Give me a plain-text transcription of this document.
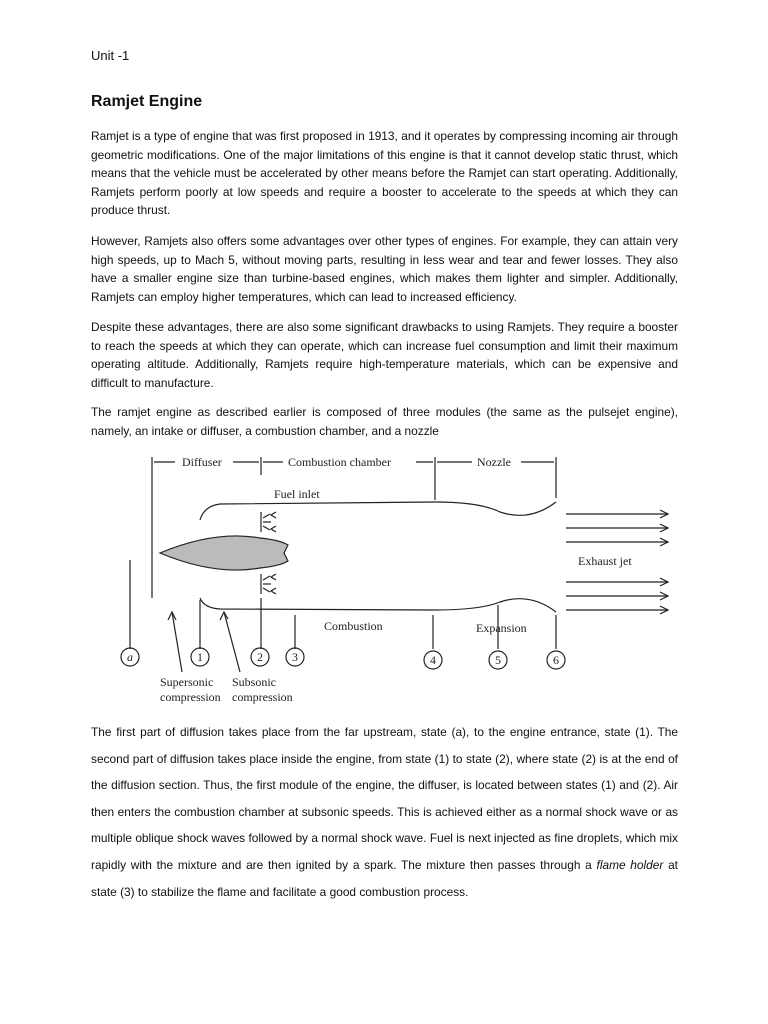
Unit -1
Ramjet Engine

Ramjet is a type of engine that was first proposed in 1913, and it operates by compressing incoming air through geometric modifications. One of the major limitations of this engine is that it cannot develop static thrust, which means that the vehicle must be accelerated by other means before the Ramjet can start operating. Additionally, Ramjets perform poorly at low speeds and require a booster to accelerate to the speeds at which they can produce thrust.

However, Ramjets also offers some advantages over other types of engines. For example, they can attain very high speeds, up to Mach 5, without moving parts, resulting in less wear and tear and fewer losses. They also have a smaller engine size than turbine-based engines, which makes them lighter and simpler. Additionally, Ramjets can employ higher temperatures, which can lead to increased efficiency.

Despite these advantages, there are also some significant drawbacks to using Ramjets. They require a booster to reach the speeds at which they can operate, which can increase fuel consumption and limit their maximum operating altitude. Additionally, Ramjets require high-temperature materials, which can be expensive and difficult to manufacture.

The ramjet engine as described earlier is composed of three modules (the same as the pulsejet engine), namely, an intake or diffuser, a combustion chamber, and a nozzle

Diffuser	Combustion chamber	Nozzle
Fuel inlet
Exhaust jet
Combustion	Expansion
a	1	2 3	4	5	6
Supersonic
compression
Subsonic
compression

The first part of diffusion takes place from the far upstream, state (a), to the engine entrance, state (1). The second part of diffusion takes place inside the engine, from state (1) to state (2), where state (2) is at the end of the diffusion section. Thus, the first module of the engine, the diffuser, is located between states (1) and (2). Air then enters the combustion chamber at subsonic speeds. This is achieved either as a normal shock wave or as multiple oblique shock waves followed by a normal shock wave. Fuel is next injected as fine droplets, which mix rapidly with the mixture and are then ignited by a spark. The mixture then passes through a flame holder at state (3) to stabilize the flame and facilitate a good combustion process.
